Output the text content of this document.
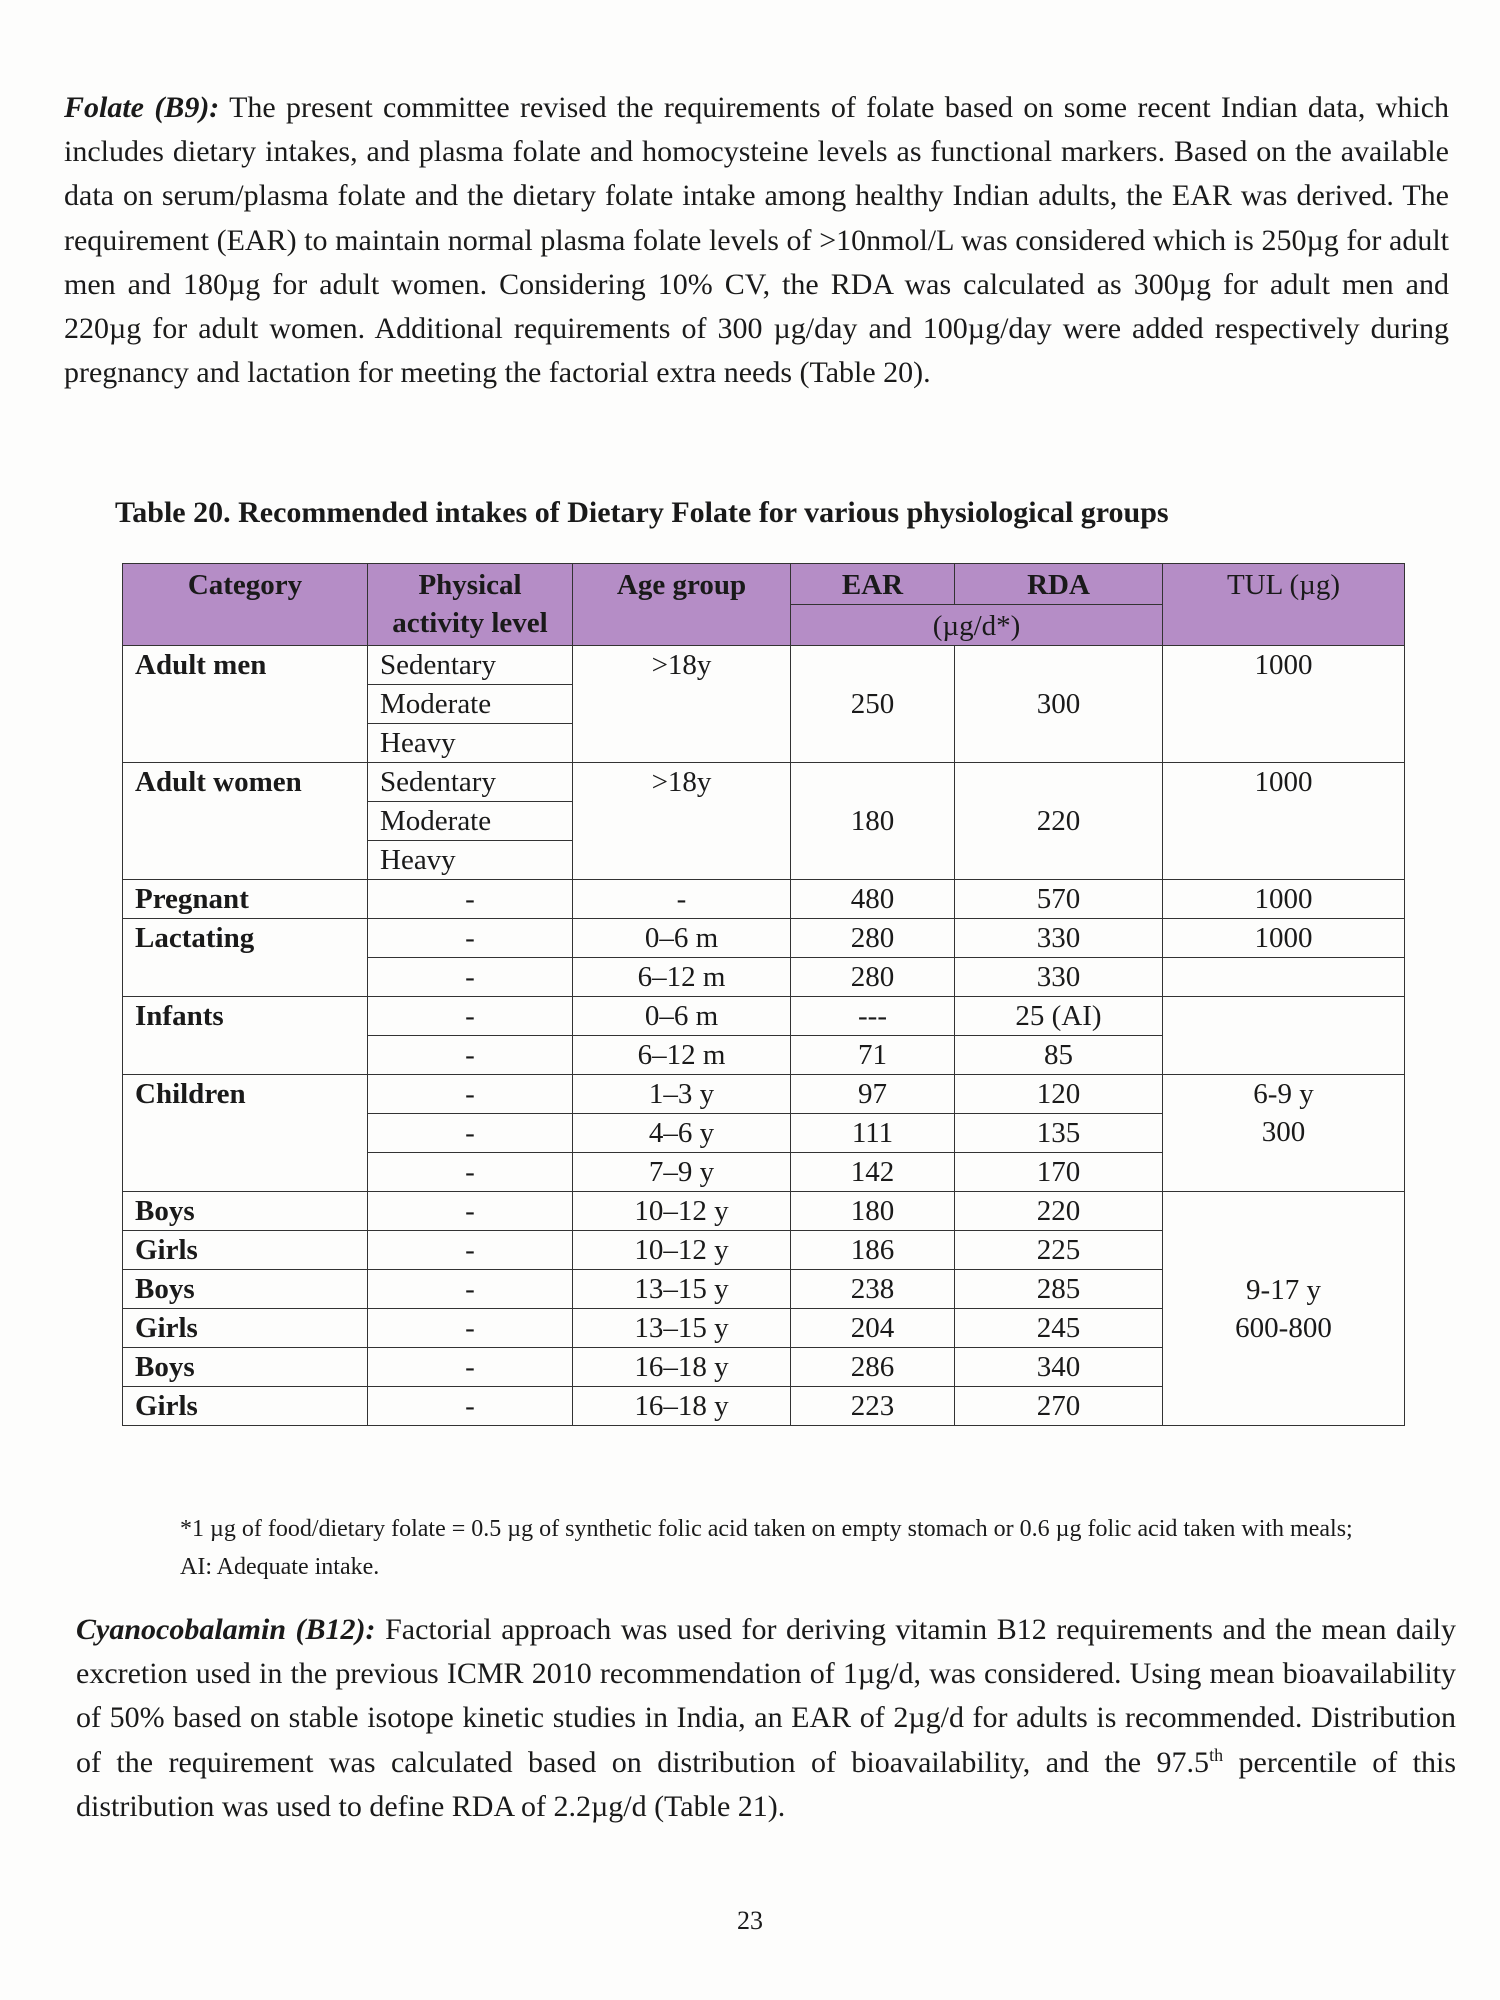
Folate (B9): The present committee revised the requirements of folate based on some recent Indian data, which includes dietary intakes, and plasma folate and homocysteine levels as functional markers. Based on the available data on serum/plasma folate and the dietary folate intake among healthy Indian adults, the EAR was derived. The requirement (EAR) to maintain normal plasma folate levels of >10nmol/L was considered which is 250µg for adult men and 180µg for adult women. Considering 10% CV, the RDA was calculated as 300µg for adult men and 220µg for adult women. Additional requirements of 300 µg/day and 100µg/day were added respectively during pregnancy and lactation for meeting the factorial extra needs (Table 20).

Table 20. Recommended intakes of Dietary Folate for various physiological groups

Category	Physical activity level	Age group	EAR	RDA	TUL (µg)
			(µg/d*)		

Adult men	Sedentary	>18y	250	300	1000
	Moderate				
	Heavy				
Adult women	Sedentary	>18y	180	220	1000
	Moderate				
	Heavy				
Pregnant	-	-	480	570	1000
Lactating	-	0–6 m	280	330	1000
	-	6–12 m	280	330	
Infants	-	0–6 m	---	25 (AI)	
	-	6–12 m	71	85	
Children	-	1–3 y	97	120	6-9 y
300

	-	4–6 y	111	135	
	-	7–9 y	142	170	
Boys	-	10–12 y	180	220	9-17 y
600-800

Girls	-	10–12 y	186	225	
Boys	-	13–15 y	238	285	
Girls	-	13–15 y	204	245	
Boys	-	16–18 y	286	340	
Girls	-	16–18 y	223	270	

*1 µg of food/dietary folate = 0.5 µg of synthetic folic acid taken on empty stomach or 0.6 µg folic acid taken with meals; AI: Adequate intake.

Cyanocobalamin (B12): Factorial approach was used for deriving vitamin B12 requirements and the mean daily excretion used in the previous ICMR 2010 recommendation of 1µg/d, was considered. Using mean bioavailability of 50% based on stable isotope kinetic studies in India, an EAR of 2µg/d for adults is recommended. Distribution of the requirement was calculated based on distribution of bioavailability, and the 97.5th percentile of this distribution was used to define RDA of 2.2µg/d (Table 21).

23
